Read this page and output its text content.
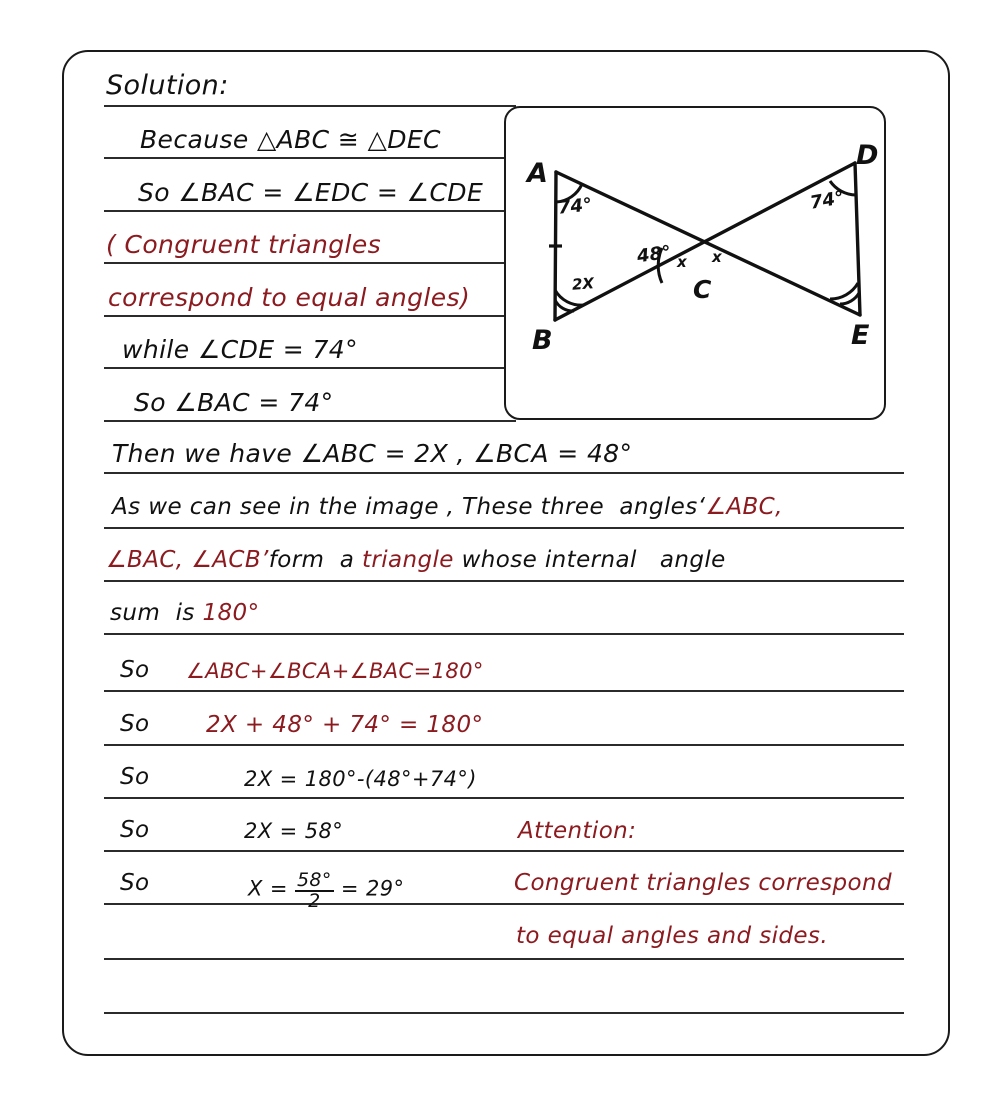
Solution:
Because △ABC ≅ △DEC
So ∠BAC = ∠EDC = ∠CDE
( Congruent triangles
correspond to equal angles)
while ∠CDE = 74°
So ∠BAC = 74°
Then we have ∠ABC = 2X , ∠BCA = 48°
As we can see in the image , These three  angles‘∠ABC,
∠BAC, ∠ACB’form  a triangle whose internal   angle
sum  is 180°
So ∠ABC+∠BCA+∠BAC=180°
So 2X + 48° + 74° = 180°
So	2X = 180°-(48°+74°)
So	2X = 58°
So	$X = \frac{58^\circ}{2} = 29^\circ$
Attention:
Congruent triangles correspond
to equal angles and sides.
A
B
C
D
E
74°
2X
48° x x
74°
